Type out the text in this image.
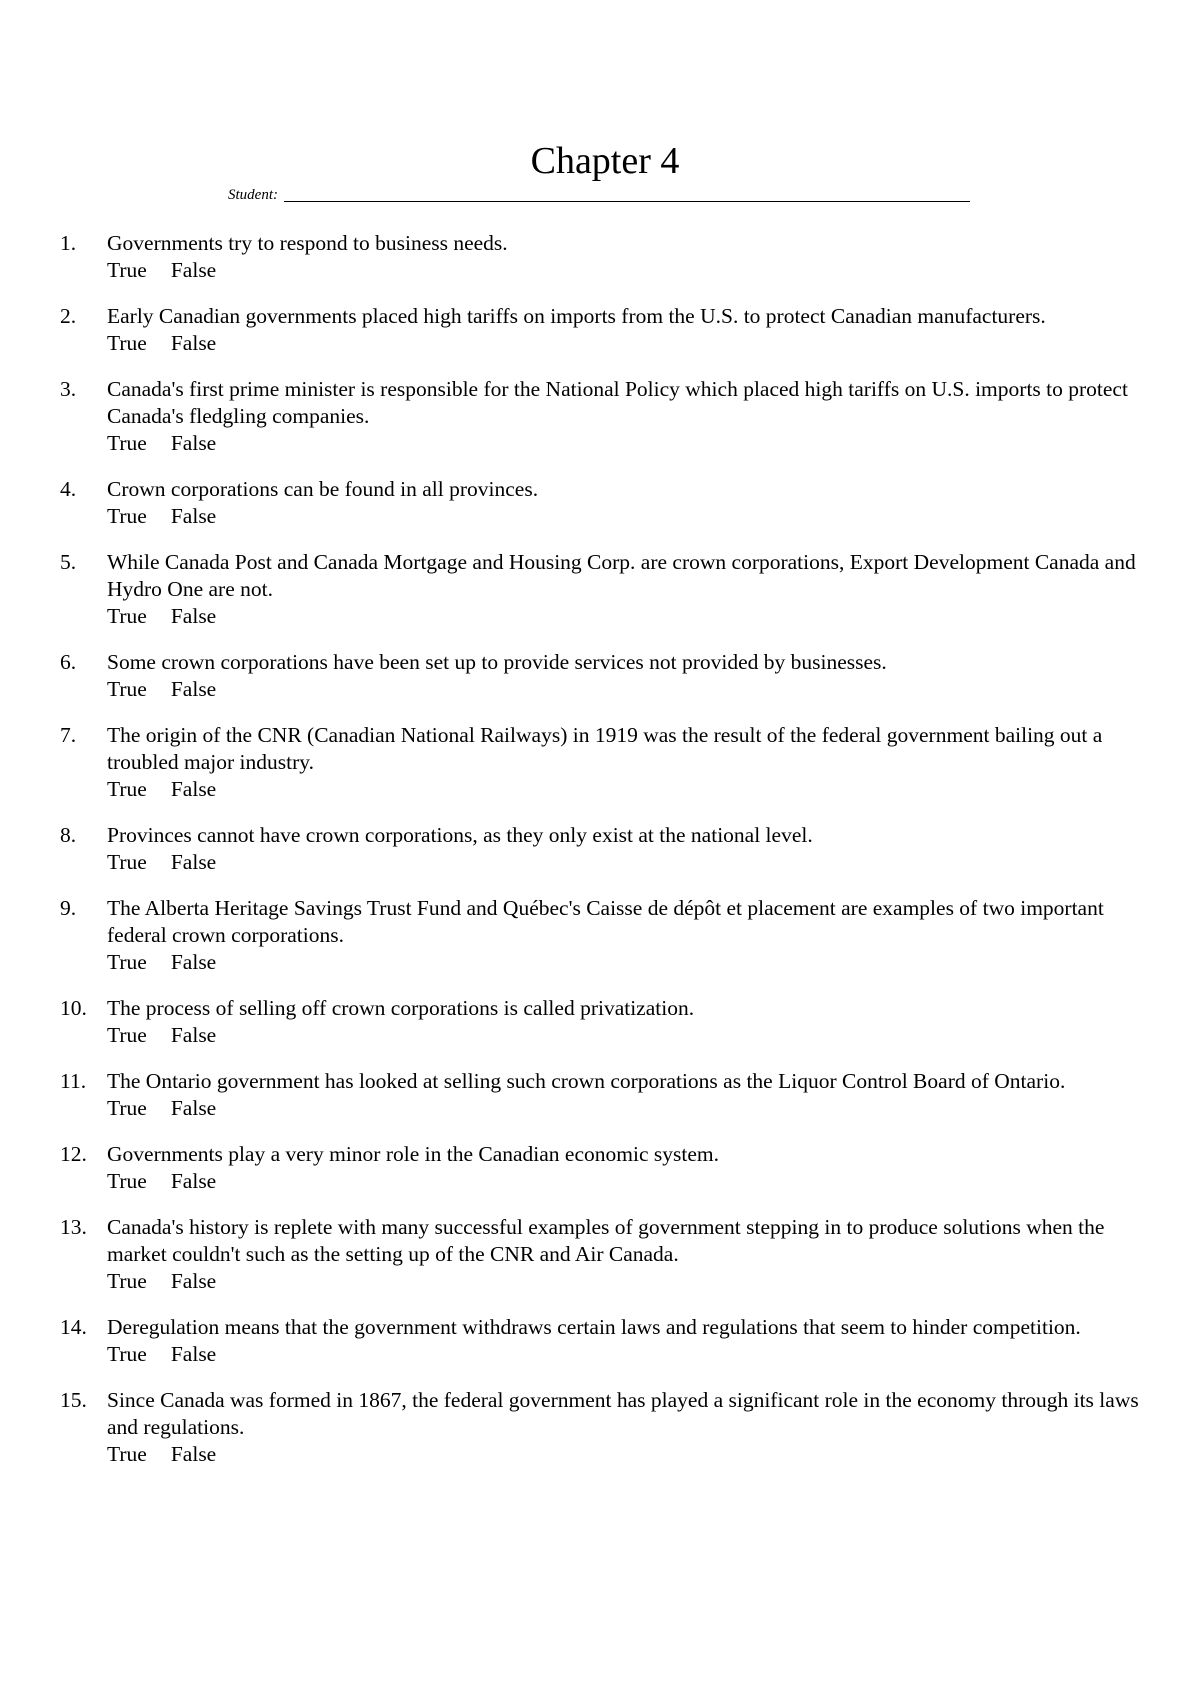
Chapter 4
Student:
1.	Governments try to respond to business needs.
True False
2.	Early Canadian governments placed high tariffs on imports from the U.S. to protect Canadian manufacturers.
True False
3.	Canada's first prime minister is responsible for the National Policy which placed high tariffs on U.S. imports to protect Canada's fledgling companies.
True False
4.	Crown corporations can be found in all provinces.
True False
5.	While Canada Post and Canada Mortgage and Housing Corp. are crown corporations, Export Development Canada and Hydro One are not.
True False
6.	Some crown corporations have been set up to provide services not provided by businesses.
True False
7.	The origin of the CNR (Canadian National Railways) in 1919 was the result of the federal government bailing out a troubled major industry.
True False
8.	Provinces cannot have crown corporations, as they only exist at the national level.
True False
9.	The Alberta Heritage Savings Trust Fund and Québec's Caisse de dépôt et placement are examples of two important federal crown corporations.
True False
10. The process of selling off crown corporations is called privatization.
True False
11. The Ontario government has looked at selling such crown corporations as the Liquor Control Board of Ontario.
True False
12. Governments play a very minor role in the Canadian economic system.
True False
13. Canada's history is replete with many successful examples of government stepping in to produce solutions when the market couldn't such as the setting up of the CNR and Air Canada.
True False
14. Deregulation means that the government withdraws certain laws and regulations that seem to hinder competition.
True False
15. Since Canada was formed in 1867, the federal government has played a significant role in the economy through its laws and regulations.
True False
